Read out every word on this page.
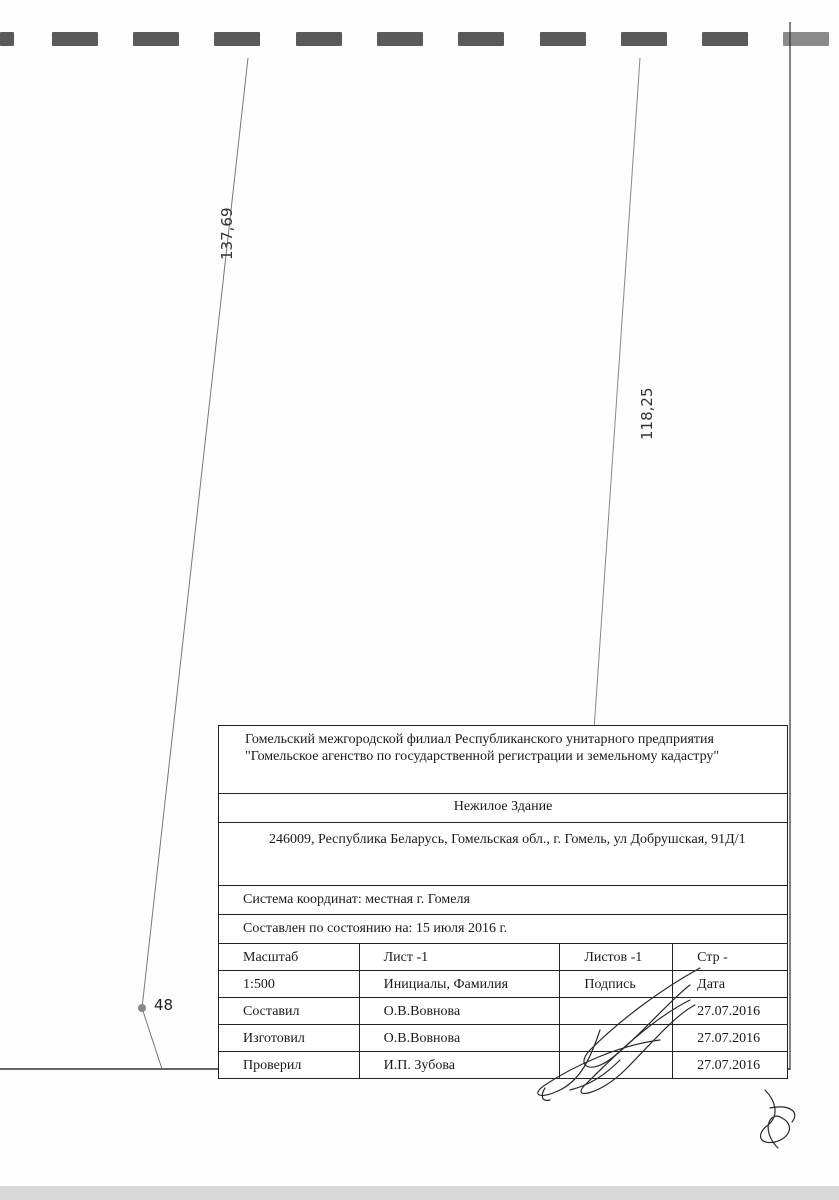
137,69
118,25
48
Гомельский межгородской филиал Республиканского унитарного предприятия "Гомельское агенство по государственной регистрации и земельному кадастру"
Нежилое Здание
246009, Республика Беларусь, Гомельская обл., г. Гомель, ул Добрушская, 91Д/1
Система координат: местная г. Гомеля
Составлен по состоянию на: 15 июля 2016 г.
Масштаб	Лист -1	Листов -1	Стр -
1:500	Инициалы, Фамилия	Подпись	Дата
Составил	О.В.Вовнова		27.07.2016
Изготовил	О.В.Вовнова		27.07.2016
Проверил	И.П. Зубова		27.07.2016
